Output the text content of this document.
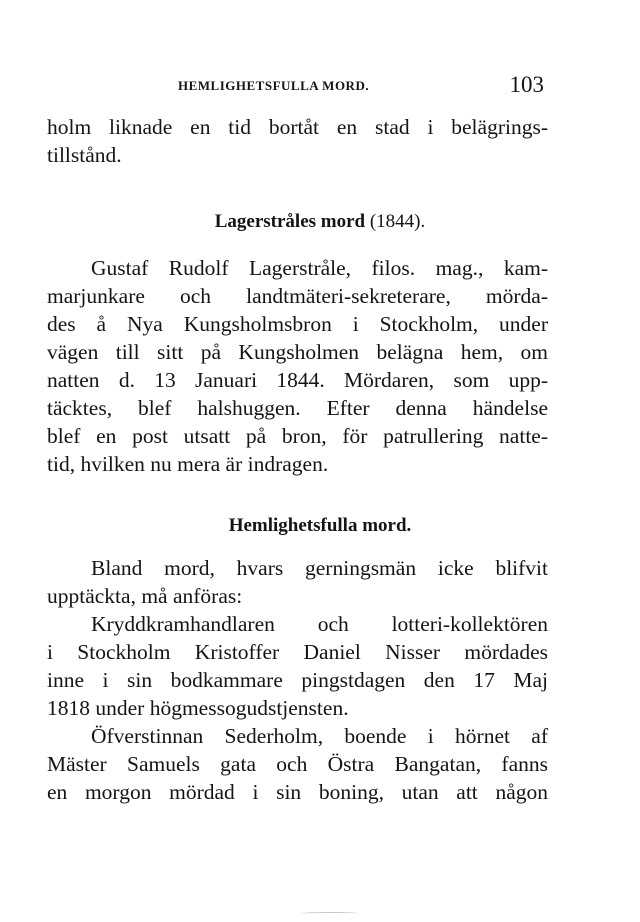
HEMLIGHETSFULLA MORD.	103
holm liknade en tid bortåt en stad i belägrings-
tillstånd.
Lagerstråles mord (1844).
Gustaf Rudolf Lagerstråle, filos. mag., kam-
marjunkare och landtmäteri-sekreterare, mörda-
des å Nya Kungsholmsbron i Stockholm, under
vägen till sitt på Kungsholmen belägna hem, om
natten d. 13 Januari 1844. Mördaren, som upp-
täcktes, blef halshuggen. Efter denna händelse
blef en post utsatt på bron, för patrullering natte-
tid, hvilken nu mera är indragen.
Hemlighetsfulla mord.
Bland mord, hvars gerningsmän icke blifvit
upptäckta, må anföras:
Kryddkramhandlaren och lotteri-kollektören
i Stockholm Kristoffer Daniel Nisser mördades
inne i sin bodkammare pingstdagen den 17 Maj
1818 under högmessogudstjensten.
Öfverstinnan Sederholm, boende i hörnet af
Mäster Samuels gata och Östra Bangatan, fanns
en morgon mördad i sin boning, utan att någon
